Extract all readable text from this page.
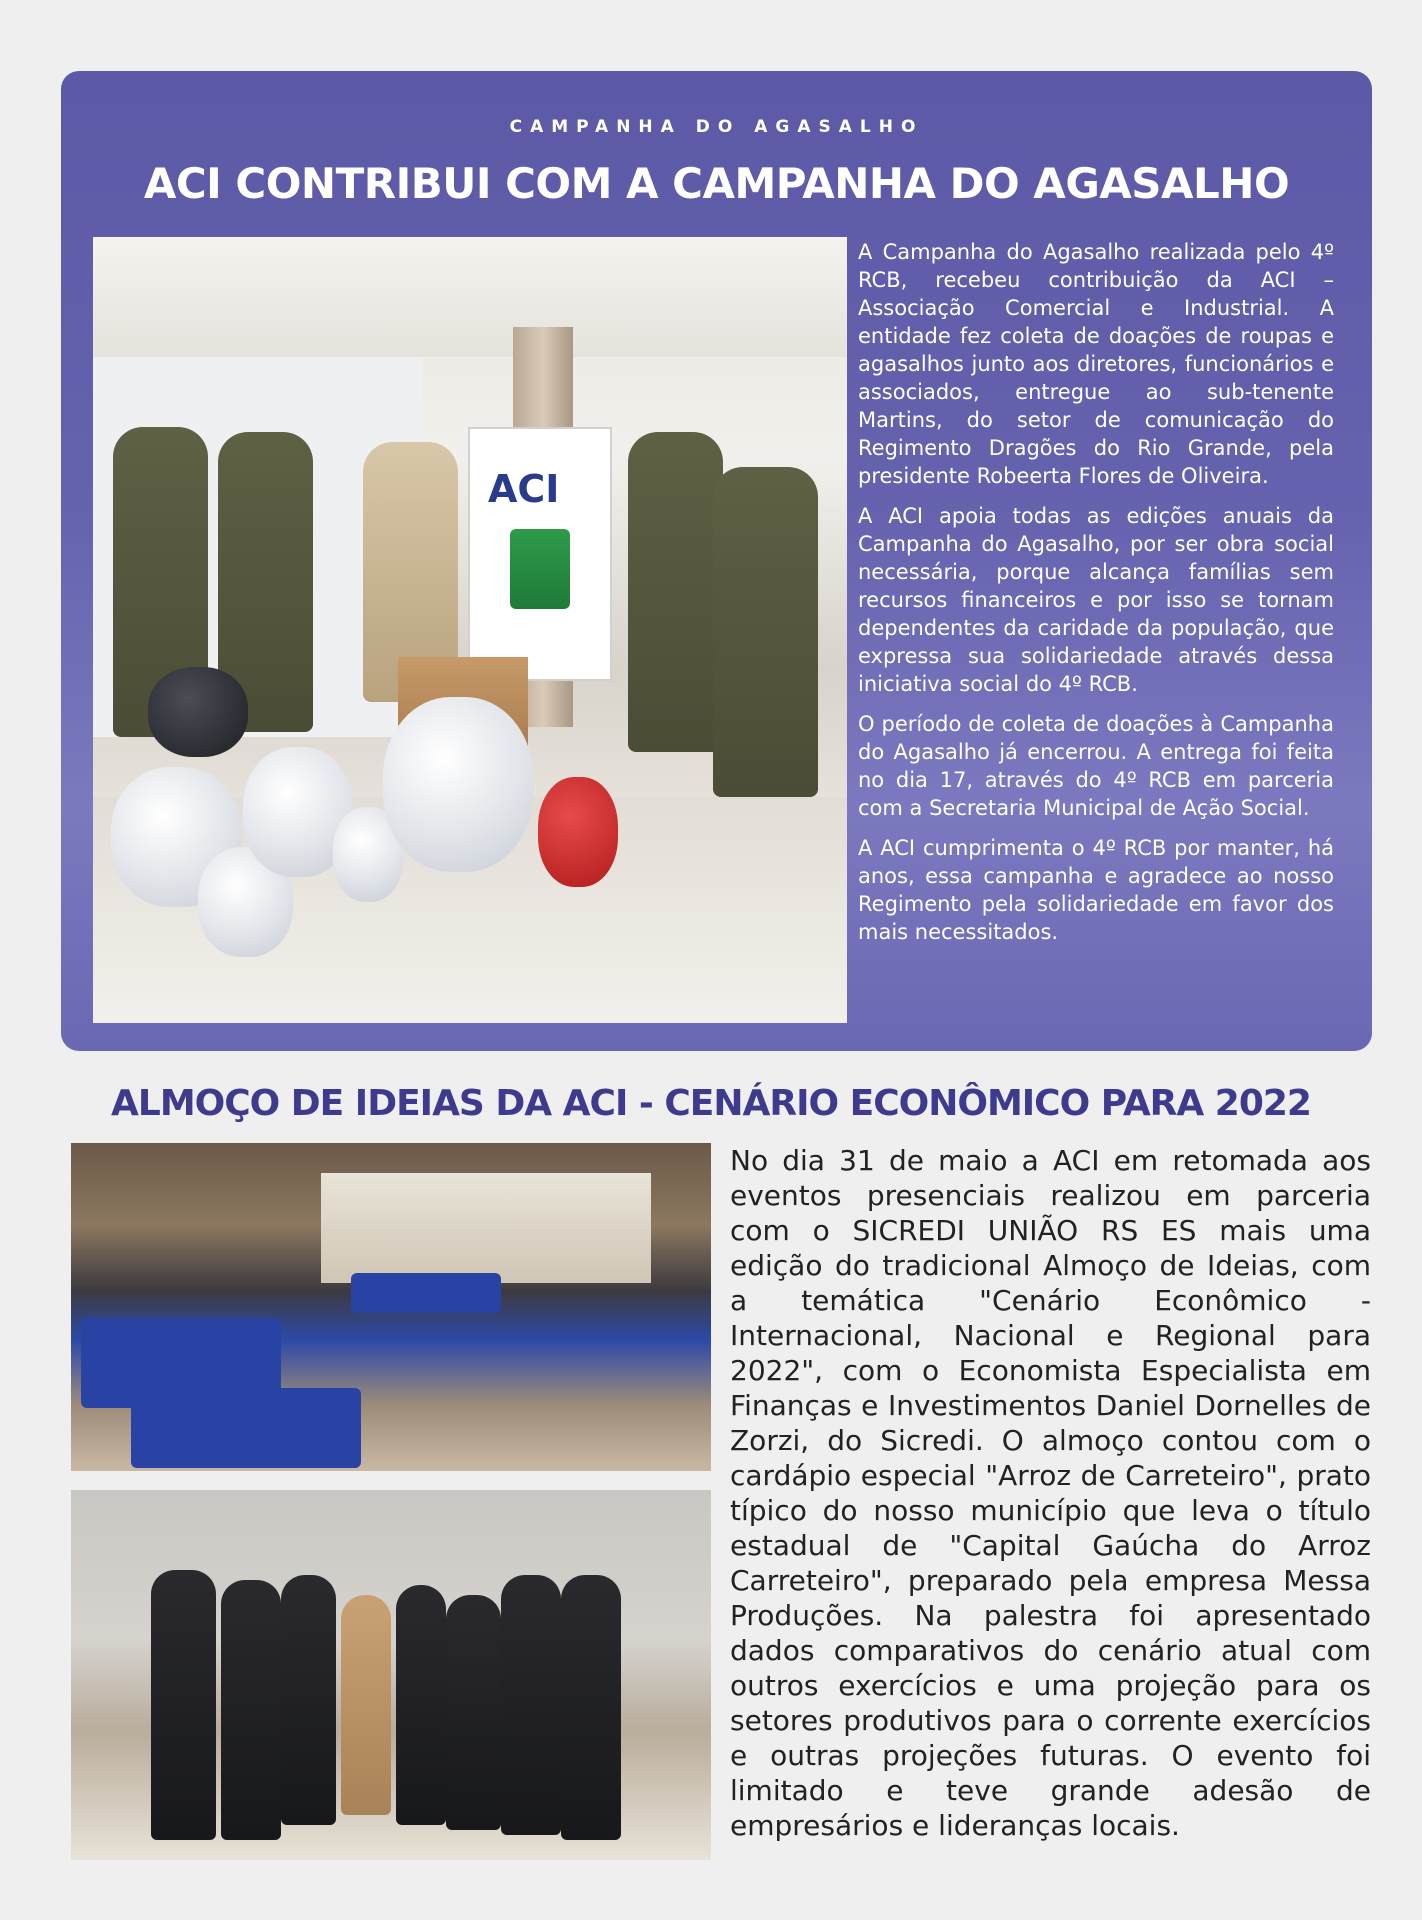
CAMPANHA DO AGASALHO
ACI CONTRIBUI COM A CAMPANHA DO AGASALHO
ACI

A Campanha do Agasalho realizada pelo 4º RCB, recebeu contribuição da ACI – Associação Comercial e Industrial. A entidade fez coleta de doações de roupas e agasalhos junto aos diretores, funcionários e associados, entregue ao sub-tenente Martins, do setor de comunicação do Regimento Dragões do Rio Grande, pela presidente Robeerta Flores de Oliveira.

A ACI apoia todas as edições anuais da Campanha do Agasalho, por ser obra social necessária, porque alcança famílias sem recursos financeiros e por isso se tornam dependentes da caridade da população, que expressa sua solidariedade através dessa iniciativa social do 4º RCB.

O período de coleta de doações à Campanha do Agasalho já encerrou. A entrega foi feita no dia 17, através do 4º RCB em parceria com a Secretaria Municipal de Ação Social.

A ACI cumprimenta o 4º RCB por manter, há anos, essa campanha e agradece ao nosso Regimento pela solidariedade em favor dos mais necessitados.

ALMOÇO DE IDEIAS DA ACI - CENÁRIO ECONÔMICO PARA 2022

No dia 31 de maio a ACI em retomada aos eventos presenciais realizou em parceria com o SICREDI UNIÃO RS ES mais uma edição do tradicional Almoço de Ideias, com a temática "Cenário Econômico - Internacional, Nacional e Regional para 2022", com o Economista Especialista em Finanças e Investimentos Daniel Dornelles de Zorzi, do Sicredi. O almoço contou com o cardápio especial "Arroz de Carreteiro", prato típico do nosso município que leva o título estadual de "Capital Gaúcha do Arroz Carreteiro", preparado pela empresa Messa Produções. Na palestra foi apresentado dados comparativos do cenário atual com outros exercícios e uma projeção para os setores produtivos para o corrente exercícios e outras projeções futuras. O evento foi limitado e teve grande adesão de empresários e lideranças locais.
